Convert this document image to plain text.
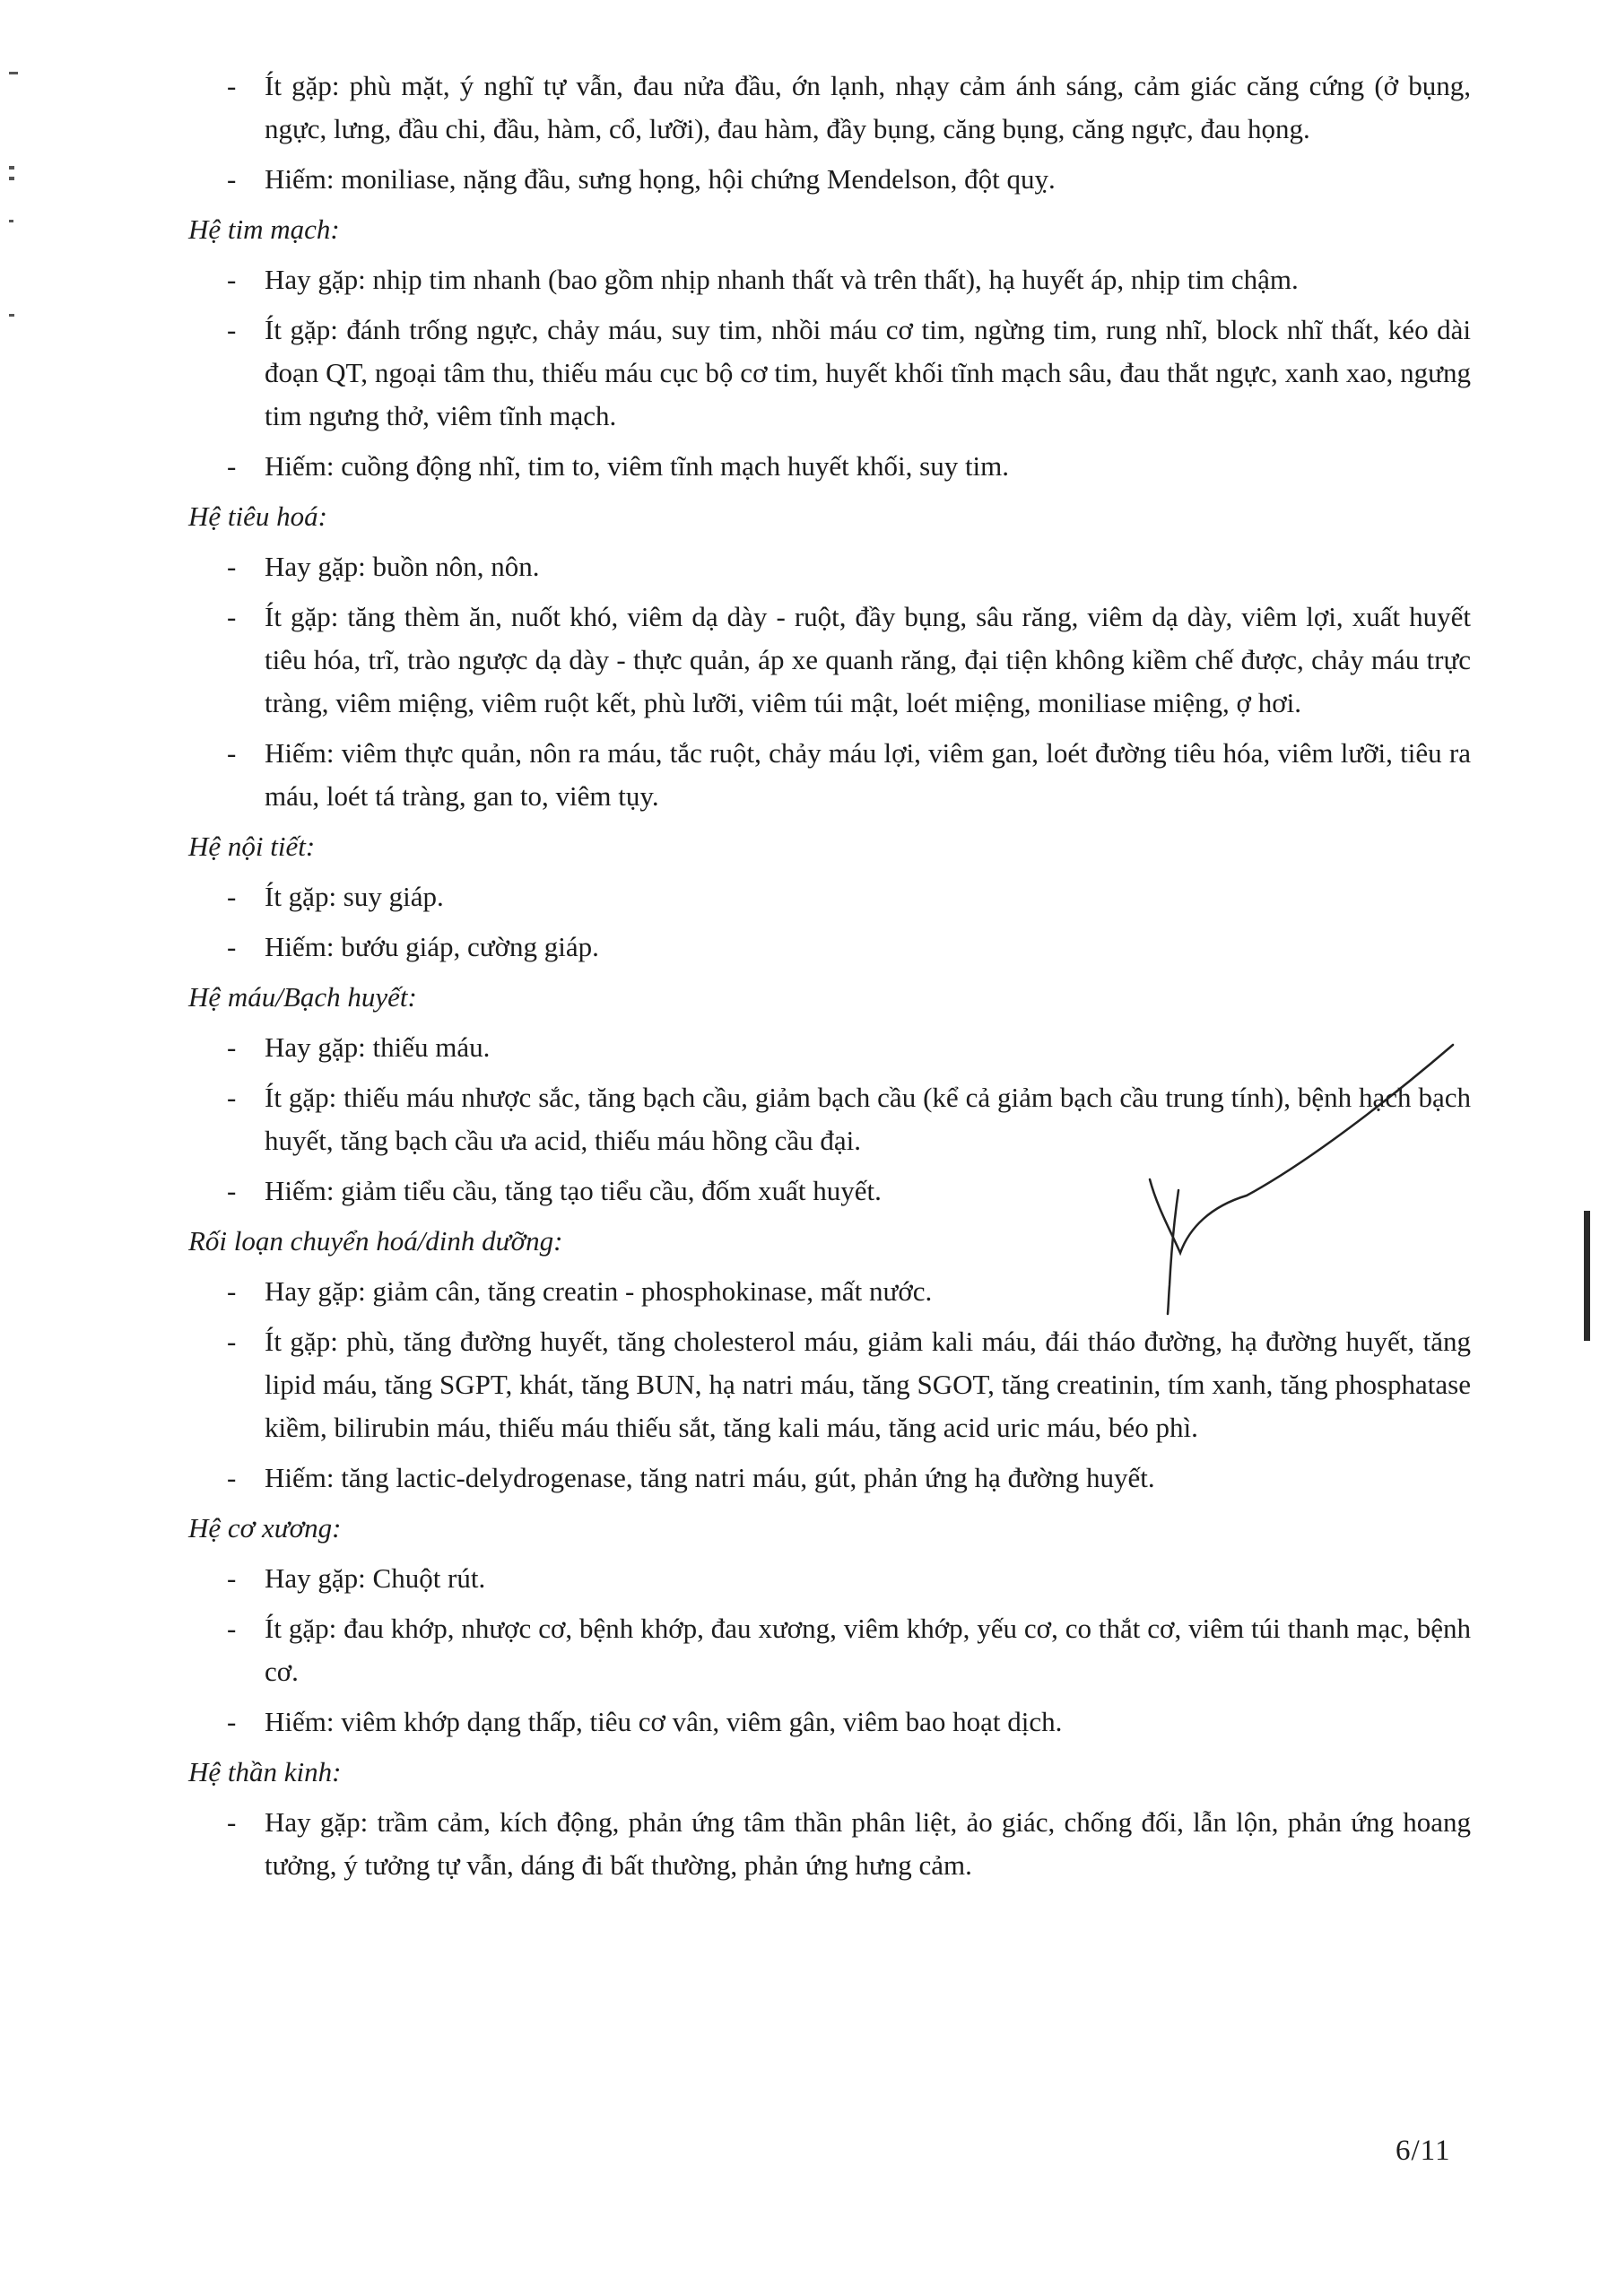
- Ít gặp: phù mặt, ý nghĩ tự vẫn, đau nửa đầu, ớn lạnh, nhạy cảm ánh sáng, cảm giác căng cứng (ở bụng, ngực, lưng, đầu chi, đầu, hàm, cổ, lưỡi), đau hàm, đầy bụng, căng bụng, căng ngực, đau họng.
- Hiếm: moniliase, nặng đầu, sưng họng, hội chứng Mendelson, đột quỵ.
Hệ tim mạch:
- Hay gặp: nhịp tim nhanh (bao gồm nhịp nhanh thất và trên thất), hạ huyết áp, nhịp tim chậm.
- Ít gặp: đánh trống ngực, chảy máu, suy tim, nhồi máu cơ tim, ngừng tim, rung nhĩ, block nhĩ thất, kéo dài đoạn QT, ngoại tâm thu, thiếu máu cục bộ cơ tim, huyết khối tĩnh mạch sâu, đau thắt ngực, xanh xao, ngưng tim ngưng thở, viêm tĩnh mạch.
- Hiếm: cuồng động nhĩ, tim to, viêm tĩnh mạch huyết khối, suy tim.
Hệ tiêu hoá:
- Hay gặp: buồn nôn, nôn.
- Ít gặp: tăng thèm ăn, nuốt khó, viêm dạ dày - ruột, đầy bụng, sâu răng, viêm dạ dày, viêm lợi, xuất huyết tiêu hóa, trĩ, trào ngược dạ dày - thực quản, áp xe quanh răng, đại tiện không kiềm chế được, chảy máu trực tràng, viêm miệng, viêm ruột kết, phù lưỡi, viêm túi mật, loét miệng, moniliase miệng, ợ hơi.
- Hiếm: viêm thực quản, nôn ra máu, tắc ruột, chảy máu lợi, viêm gan, loét đường tiêu hóa, viêm lưỡi, tiêu ra máu, loét tá tràng, gan to, viêm tụy.
Hệ nội tiết:
- Ít gặp: suy giáp.
- Hiếm: bướu giáp, cường giáp.
Hệ máu/Bạch huyết:
- Hay gặp: thiếu máu.
- Ít gặp: thiếu máu nhược sắc, tăng bạch cầu, giảm bạch cầu (kể cả giảm bạch cầu trung tính), bệnh hạch bạch huyết, tăng bạch cầu ưa acid, thiếu máu hồng cầu đại.
- Hiếm: giảm tiểu cầu, tăng tạo tiểu cầu, đốm xuất huyết.
Rối loạn chuyển hoá/dinh dưỡng:
- Hay gặp: giảm cân, tăng creatin - phosphokinase, mất nước.
- Ít gặp: phù, tăng đường huyết, tăng cholesterol máu, giảm kali máu, đái tháo đường, hạ đường huyết, tăng lipid máu, tăng SGPT, khát, tăng BUN, hạ natri máu, tăng SGOT, tăng creatinin, tím xanh, tăng phosphatase kiềm, bilirubin máu, thiếu máu thiếu sắt, tăng kali máu, tăng acid uric máu, béo phì.
- Hiếm: tăng lactic-delydrogenase, tăng natri máu, gút, phản ứng hạ đường huyết.
Hệ cơ xương:
- Hay gặp: Chuột rút.
- Ít gặp: đau khớp, nhược cơ, bệnh khớp, đau xương, viêm khớp, yếu cơ, co thắt cơ, viêm túi thanh mạc, bệnh cơ.
- Hiếm: viêm khớp dạng thấp, tiêu cơ vân, viêm gân, viêm bao hoạt dịch.
Hệ thần kinh:
- Hay gặp: trầm cảm, kích động, phản ứng tâm thần phân liệt, ảo giác, chống đối, lẫn lộn, phản ứng hoang tưởng, ý tưởng tự vẫn, dáng đi bất thường, phản ứng hưng cảm.
6/11
